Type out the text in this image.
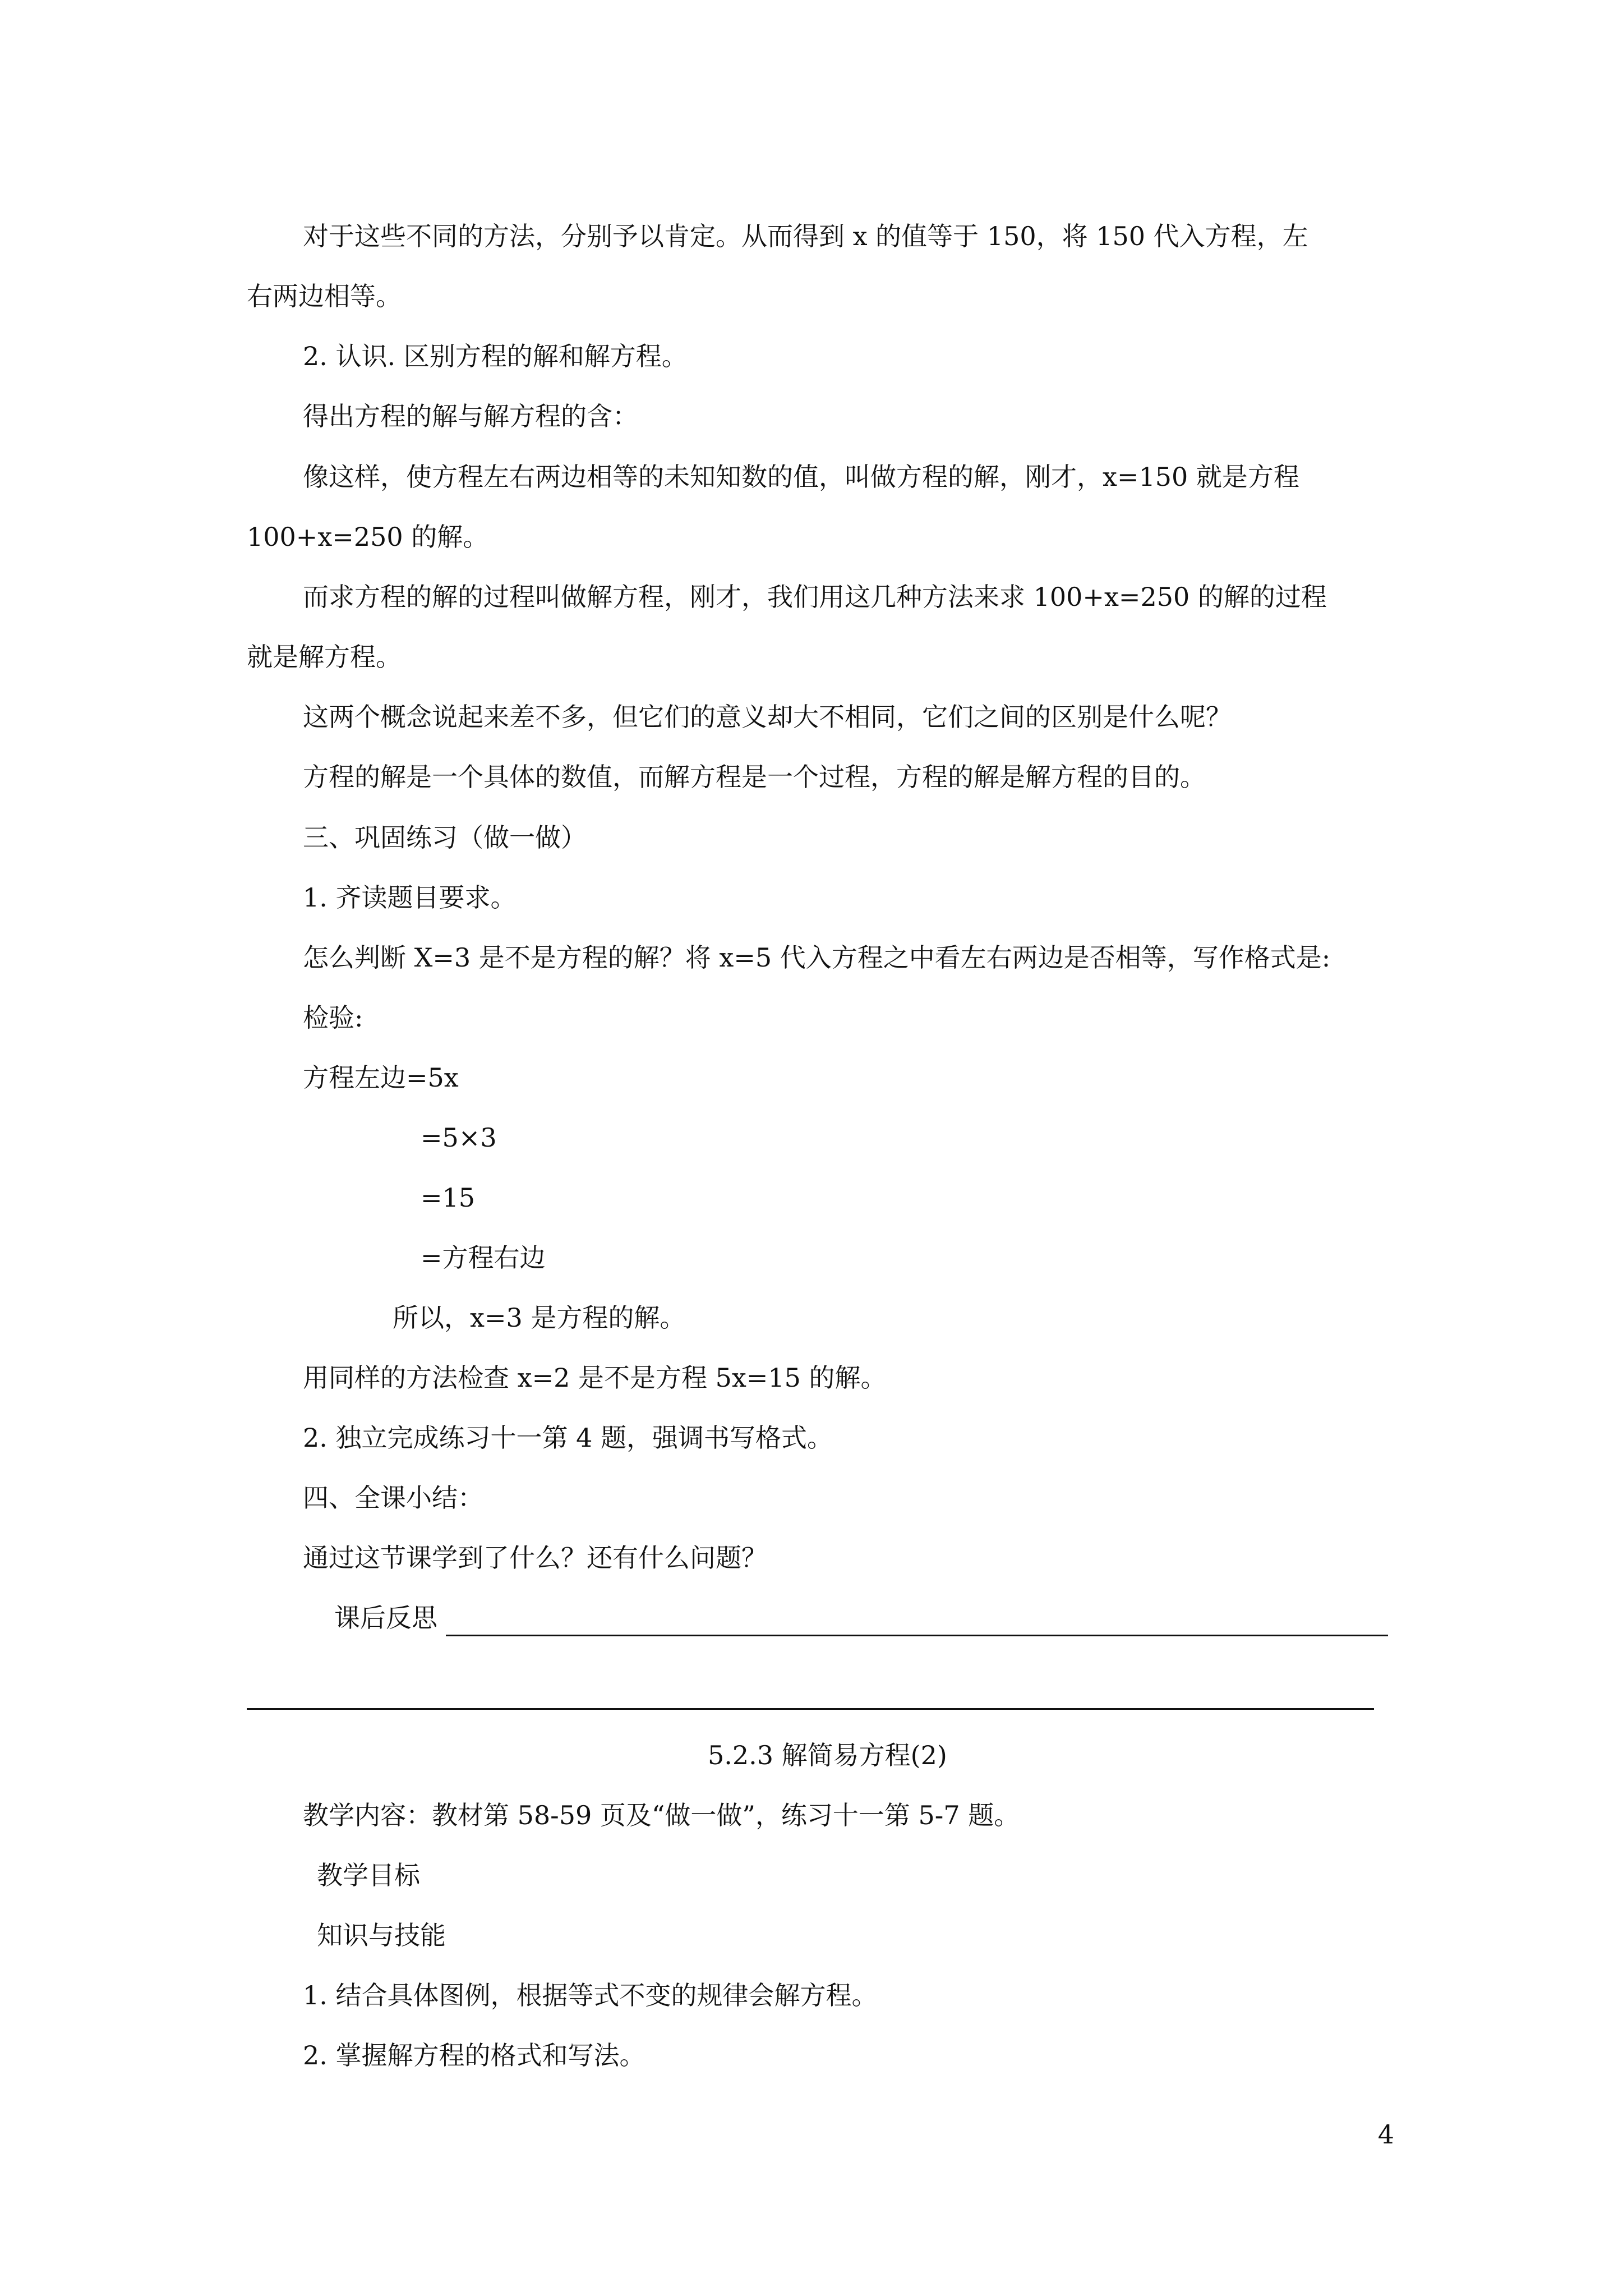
对于这些不同的方法，分别予以肯定。从而得到 x 的值等于 150，将 150 代入方程，左
右两边相等。
2. 认识. 区别方程的解和解方程。
得出方程的解与解方程的含：
像这样，使方程左右两边相等的未知知数的值，叫做方程的解，刚才，x=150 就是方程
100+x=250 的解。
而求方程的解的过程叫做解方程，刚才，我们用这几种方法来求 100+x=250 的解的过程
就是解方程。
这两个概念说起来差不多，但它们的意义却大不相同，它们之间的区别是什么呢？
方程的解是一个具体的数值，而解方程是一个过程，方程的解是解方程的目的。
三、巩固练习（做一做）
1. 齐读题目要求。
怎么判断 X=3 是不是方程的解？将 x=5 代入方程之中看左右两边是否相等，写作格式是:
检验:
方程左边=5x
=5×3
=15
=方程右边
所以，x=3 是方程的解。
用同样的方法检查 x=2 是不是方程 5x=15 的解。
2. 独立完成练习十一第 4 题，强调书写格式。
四、全课小结：
通过这节课学到了什么？还有什么问题？
课后反思
5.2.3 解简易方程(2)
教学内容：教材第 58-59 页及“做一做”，练习十一第 5-7 题。
教学目标
知识与技能
1. 结合具体图例，根据等式不变的规律会解方程。
2. 掌握解方程的格式和写法。
4
